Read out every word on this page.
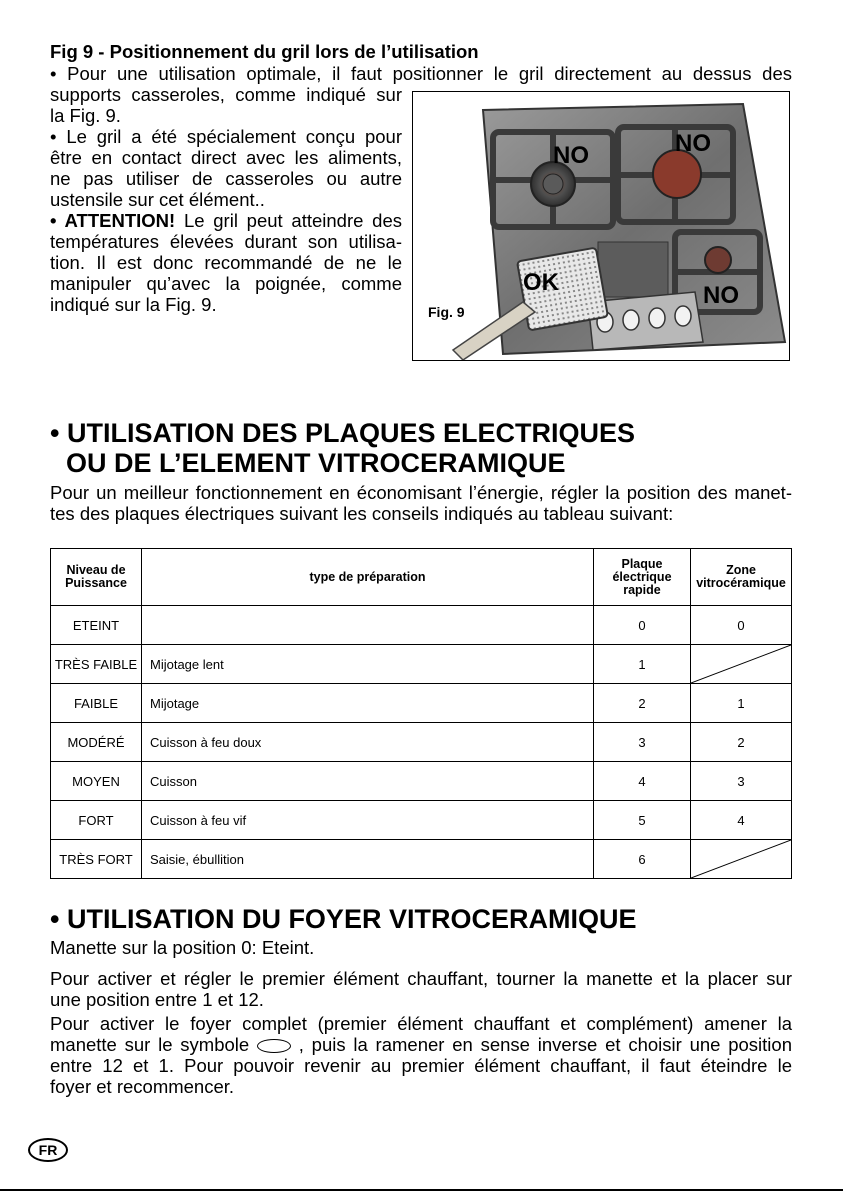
Fig 9 - Positionnement du gril lors de l’utilisation
• Pour une utilisation optimale, il faut positionner le gril directement au dessus des
supports casseroles, comme indiqué sur
la Fig. 9.
• Le gril a été spécialement conçu pour
être en contact direct avec les aliments,
ne pas utiliser de casseroles ou autre
ustensile sur cet élément..
• ATTENTION! Le gril peut atteindre des
températures élevées durant son utilisa-
tion. Il est donc recommandé de ne le
manipuler qu’avec la poignée, comme
indiqué sur la Fig. 9.
NO	NO
NO
OK
Fig. 9
• UTILISATION DES PLAQUES ELECTRIQUES
OU DE L’ELEMENT VITROCERAMIQUE
Pour un meilleur fonctionnement en économisant l’énergie, régler la position des manet-
tes des plaques électriques suivant les conseils indiqués au tableau suivant:
Niveau de Puissance	type de préparation	Plaque électrique rapide	Zone vitrocéramique
ETEINT		0	0
TRÈS FAIBLE	Mijotage lent	1	

FAIBLE	Mijotage	2	1
MODÉRÉ	Cuisson à feu doux	3	2
MOYEN	Cuisson	4	3
FORT	Cuisson à feu vif	5	4
TRÈS FORT	Saisie, ébullition	6	
• UTILISATION DU FOYER VITROCERAMIQUE
Manette sur la position 0: Eteint.
Pour activer et régler le premier élément chauffant, tourner la manette et la placer sur
une position entre 1 et 12.
Pour activer le foyer complet (premier élément chauffant et complément) amener la
manette sur le symbole	, puis la ramener en sense inverse et choisir une position
entre 12 et 1. Pour pouvoir revenir au premier élément chauffant, il faut éteindre le
foyer et recommencer.
FR
